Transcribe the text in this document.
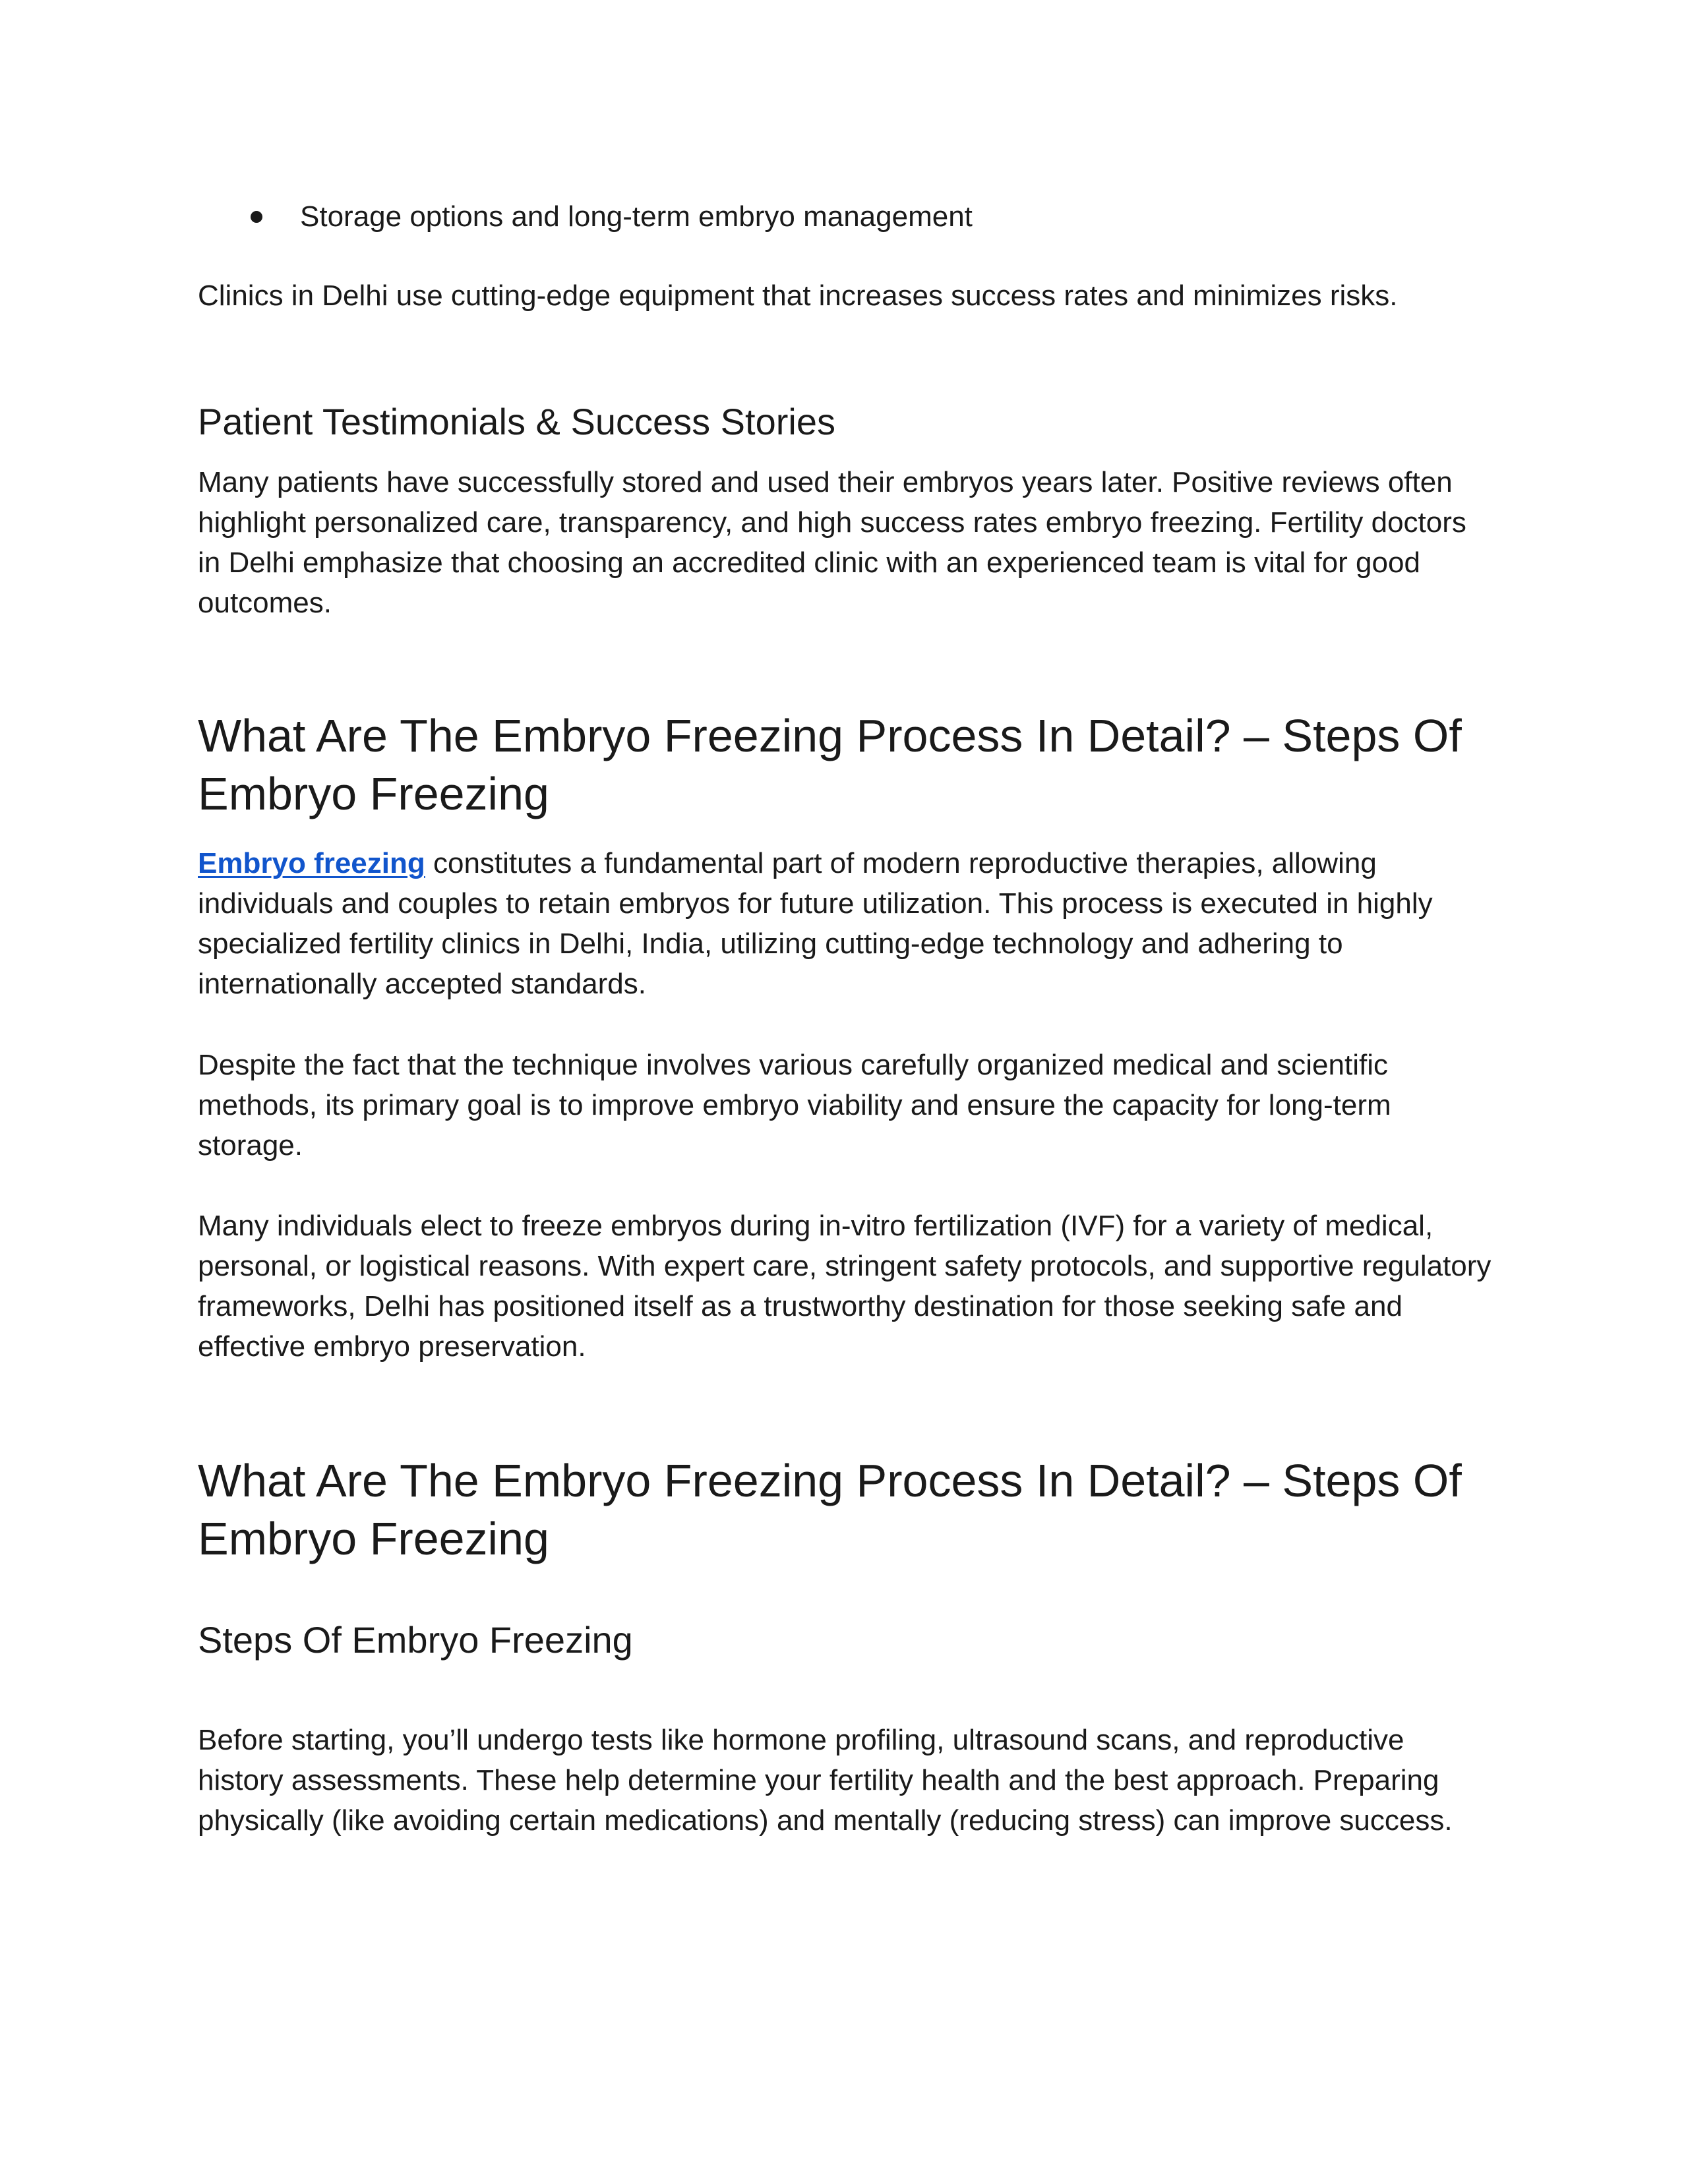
Storage options and long-term embryo management

Clinics in Delhi use cutting-edge equipment that increases success rates and minimizes risks.

Patient Testimonials & Success Stories

Many patients have successfully stored and used their embryos years later. Positive reviews often highlight personalized care, transparency, and high success rates embryo freezing. Fertility doctors in Delhi emphasize that choosing an accredited clinic with an experienced team is vital for good outcomes.

What Are The Embryo Freezing Process In Detail? – Steps Of Embryo Freezing

Embryo freezing constitutes a fundamental part of modern reproductive therapies, allowing individuals and couples to retain embryos for future utilization. This process is executed in highly specialized fertility clinics in Delhi, India, utilizing cutting-edge technology and adhering to internationally accepted standards.

Despite the fact that the technique involves various carefully organized medical and scientific methods, its primary goal is to improve embryo viability and ensure the capacity for long-term storage.

Many individuals elect to freeze embryos during in-vitro fertilization (IVF) for a variety of medical, personal, or logistical reasons. With expert care, stringent safety protocols, and supportive regulatory frameworks, Delhi has positioned itself as a trustworthy destination for those seeking safe and effective embryo preservation.

What Are The Embryo Freezing Process In Detail? – Steps Of Embryo Freezing
Steps Of Embryo Freezing

Before starting, you’ll undergo tests like hormone profiling, ultrasound scans, and reproductive history assessments. These help determine your fertility health and the best approach. Preparing physically (like avoiding certain medications) and mentally (reducing stress) can improve success.
